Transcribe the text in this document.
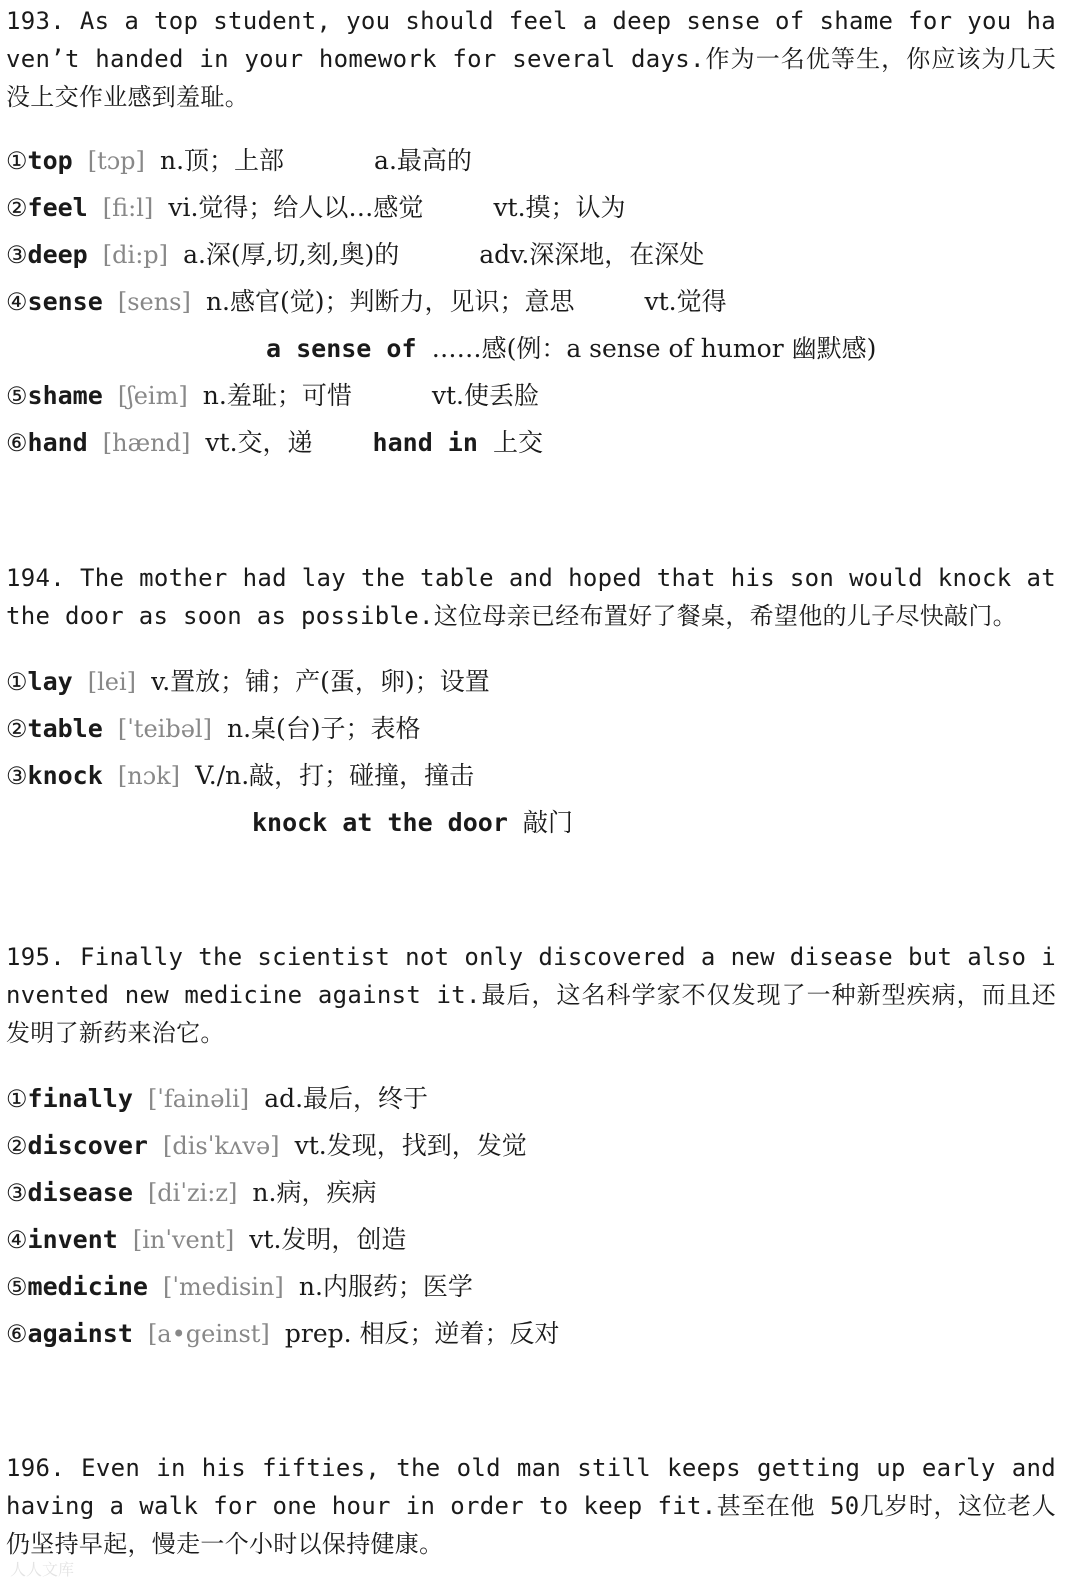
193. As a top student, you should feel a deep sense of shame for you haven’t handed in your homework for several days.作为一名优等生，你应该为几天没上交作业感到羞耻。
①top [tɔp] n.顶；上部	a.最高的
②feel [fi:l] vi.觉得；给人以…感觉	vt.摸；认为
③deep [di:p] a.深(厚,切,刻,奥)的	adv.深深地，在深处
④sense [sens] n.感官(觉)；判断力，见识；意思	vt.觉得
a sense of ……感(例：a sense of humor 幽默感)
⑤shame [ʃeim] n.羞耻；可惜	vt.使丢脸
⑥hand [hænd] vt.交，递 hand in 上交
194. The mother had lay the table and hoped that his son would knock at the door as soon as possible.这位母亲已经布置好了餐桌，希望他的儿子尽快敲门。
①lay [lei] v.置放；铺；产(蛋，卵)；设置
②table [ˈteibəl] n.桌(台)子；表格
③knock [nɔk] V./n.敲，打；碰撞，撞击
knock at the door 敲门
195. Finally the scientist not only discovered a new disease but also invented new medicine against it.最后，这名科学家不仅发现了一种新型疾病，而且还发明了新药来治它。
①finally [ˈfainəli] ad.最后，终于
②discover [disˈkʌvə] vt.发现，找到，发觉
③disease [diˈzi:z] n.病，疾病
④invent [inˈvent] vt.发明，创造
⑤medicine [ˈmedisin] n.内服药；医学
⑥against [a•geinst] prep. 相反；逆着；反对
196. Even in his fifties, the old man still keeps getting up early and having a walk for one hour in order to keep fit.甚至在他 50几岁时，这位老人仍坚持早起，慢走一个小时以保持健康。
人人文库
